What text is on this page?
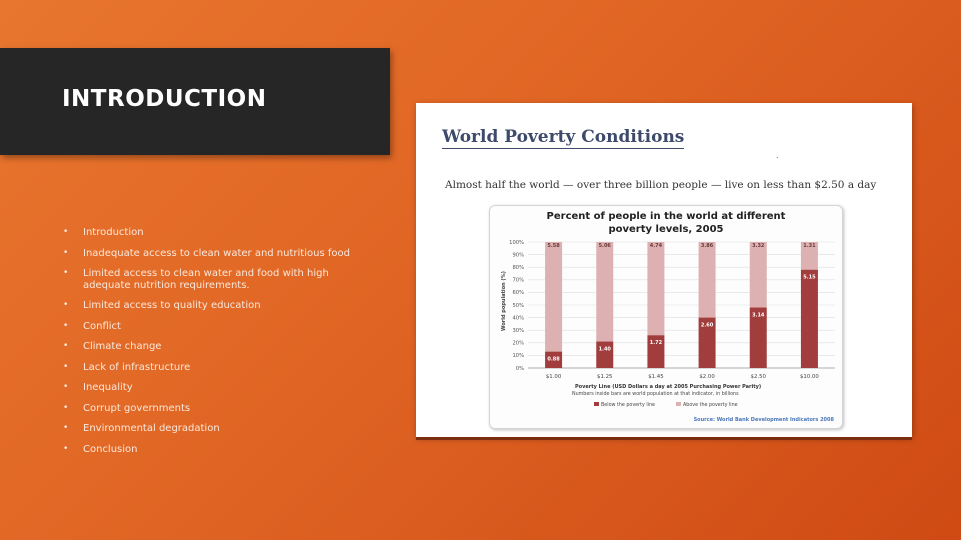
INTRODUCTION
• Introduction
• Inadequate access to clean water and nutritious food
• Limited access to clean water and food with high adequate nutrition requirements.
• Limited access to quality education
• Conflict
• Climate change
• Lack of infrastructure
• Inequality
• Corrupt governments
• Environmental degradation
• Conclusion
World Poverty Conditions
.
Almost half the world — over three billion people — live on less than $2.50 a day
Percent of people in the world at different
poverty levels, 2005
World population (%)
0%
10%
20%
30%
40%
50%
60%
70%
80%
90%
100%
5.58
0.88
$1.00
5.06
1.40
$1.25
4.74
1.72
$1.45
3.86
2.60
$2.00
3.32
3.14
$2.50
1.31
5.15
$10.00
Poverty Line (USD Dollars a day at 2005 Purchasing Power Parity)
Numbers inside bars are world population at that indicator, in billions
Below the poverty line	Above the poverty line
Source: World Bank Development Indicators 2008
